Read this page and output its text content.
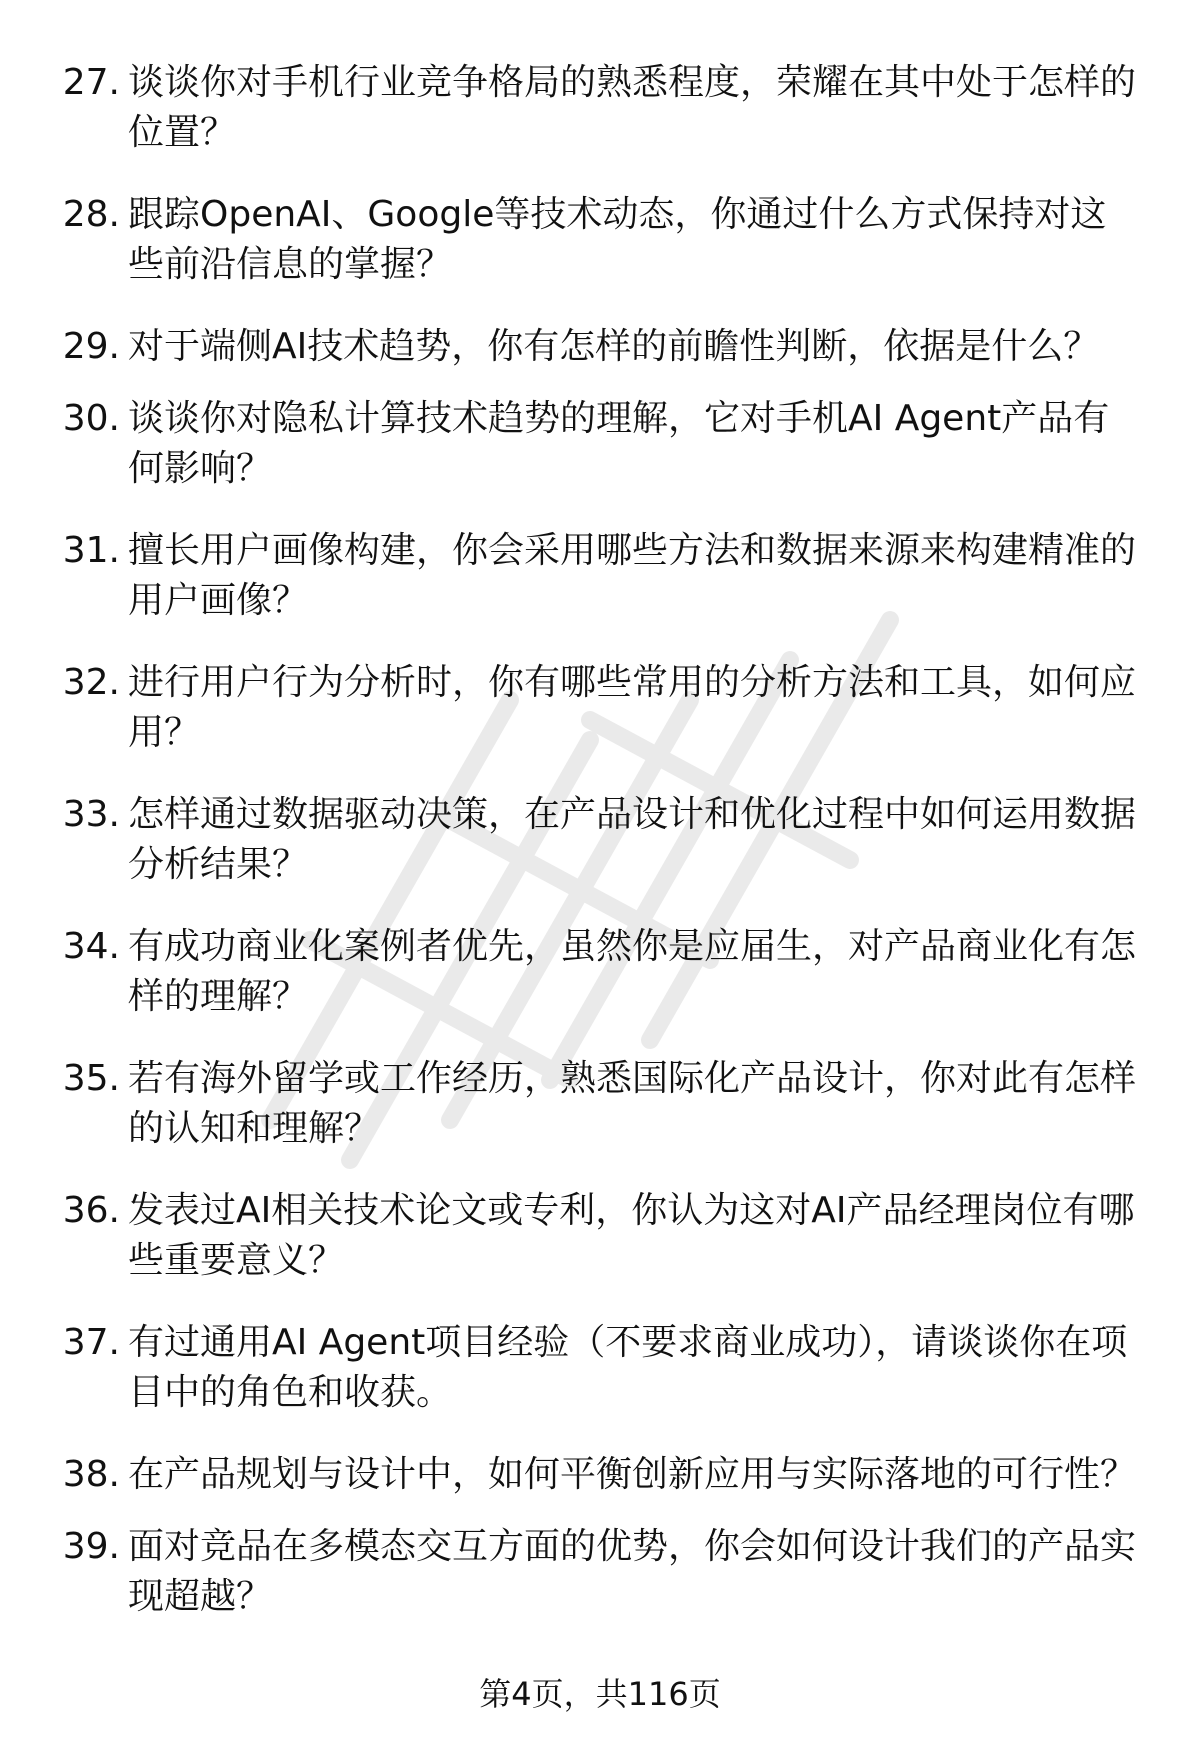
27. 谈谈你对手机行业竞争格局的熟悉程度，荣耀在其中处于怎样的位置？
28. 跟踪OpenAI、Google等技术动态，你通过什么方式保持对这些前沿信息的掌握？
29. 对于端侧AI技术趋势，你有怎样的前瞻性判断，依据是什么？
30. 谈谈你对隐私计算技术趋势的理解，它对手机AI Agent产品有何影响？
31. 擅长用户画像构建，你会采用哪些方法和数据来源来构建精准的用户画像？
32. 进行用户行为分析时，你有哪些常用的分析方法和工具，如何应用？
33. 怎样通过数据驱动决策，在产品设计和优化过程中如何运用数据分析结果？
34. 有成功商业化案例者优先，虽然你是应届生，对产品商业化有怎样的理解？
35. 若有海外留学或工作经历，熟悉国际化产品设计，你对此有怎样的认知和理解？
36. 发表过AI相关技术论文或专利，你认为这对AI产品经理岗位有哪些重要意义？
37. 有过通用AI Agent项目经验（不要求商业成功），请谈谈你在项目中的角色和收获。
38. 在产品规划与设计中，如何平衡创新应用与实际落地的可行性？
39. 面对竞品在多模态交互方面的优势，你会如何设计我们的产品实现超越？
第4页，共116页
